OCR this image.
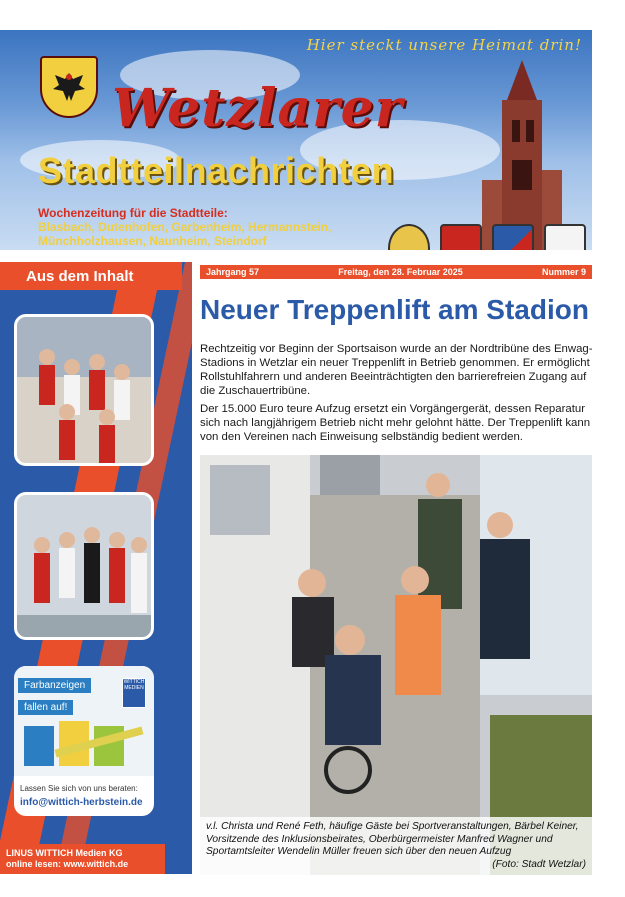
Hier steckt unsere Heimat drin!
Wetzlarer
Stadtteilnachrichten
Wochenzeitung für die Stadtteile:
Blasbach, Dutenhofen, Garbenheim, Hermannstein,
Münchholzhausen, Naunheim, Steindorf
Aus dem Inhalt
Farbanzeigen
fallen auf!
WITTICH MEDIEN
Lassen Sie sich von uns beraten:
info@wittich-herbstein.de
LINUS WITTICH Medien KG
online lesen: www.wittich.de
Jahrgang 57	Freitag, den 28. Februar 2025	Nummer 9
Neuer Treppenlift am Stadion
Rechtzeitig vor Beginn der Sportsaison wurde an der Nordtribüne des Enwag-Stadions in Wetzlar ein neuer Treppenlift in Betrieb genommen. Er ermöglicht Rollstuhlfahrern und anderen Beeinträchtigten den barrierefreien Zugang auf die Zuschauertribüne.
Der 15.000 Euro teure Aufzug ersetzt ein Vorgängergerät, dessen Reparatur sich nach langjährigem Betrieb nicht mehr gelohnt hätte. Der Treppenlift kann von den Vereinen nach Einweisung selbständig bedient werden.
v.l. Christa und René Feth, häufige Gäste bei Sportveranstaltungen, Bärbel Keiner, Vorsitzende des Inklusionsbeirates, Oberbürgermeister Manfred Wagner und Sportamtsleiter Wendelin Müller freuen sich über den neuen Aufzug
(Foto: Stadt Wetzlar)
